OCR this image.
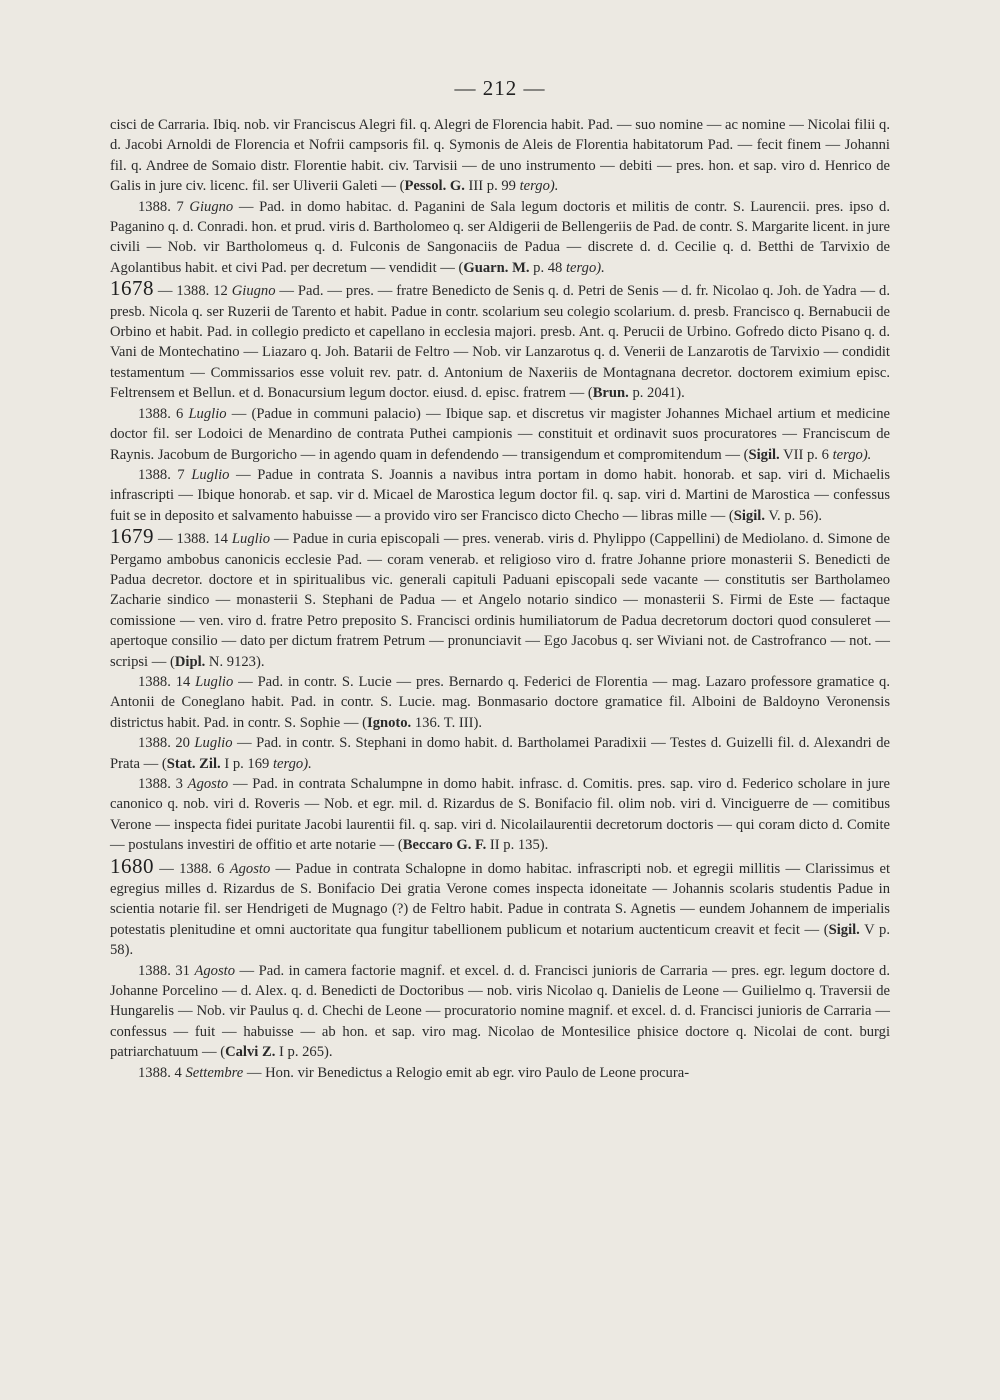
— 212 —

cisci de Carraria. Ibiq. nob. vir Franciscus Alegri fil. q. Alegri de Florencia habit. Pad. — suo nomine — ac nomine — Nicolai filii q. d. Jacobi Arnoldi de Florencia et Nofrii campsoris fil. q. Symonis de Aleis de Florentia habitatorum Pad. — fecit finem — Johanni fil. q. Andree de Somaio distr. Florentie habit. civ. Tarvisii — de uno instrumento — debiti — pres. hon. et sap. viro d. Henrico de Galis in jure civ. licenc. fil. ser Uliverii Galeti — (Pessol. G. III p. 99 tergo).

1388. 7 Giugno — Pad. in domo habitac. d. Paganini de Sala legum doctoris et militis de contr. S. Laurencii. pres. ipso d. Paganino q. d. Conradi. hon. et prud. viris d. Bartholomeo q. ser Aldigerii de Bellengeriis de Pad. de contr. S. Margarite licent. in jure civili — Nob. vir Bartholomeus q. d. Fulconis de Sangonaciis de Padua — discrete d. d. Cecilie q. d. Betthi de Tarvixio de Agolantibus habit. et civi Pad. per decretum — vendidit — (Guarn. M. p. 48 tergo).

1678 — 1388. 12 Giugno — Pad. — pres. — fratre Benedicto de Senis q. d. Petri de Senis — d. fr. Nicolao q. Joh. de Yadra — d. presb. Nicola q. ser Ruzerii de Tarento et habit. Padue in contr. scolarium seu colegio scolarium. d. presb. Francisco q. Bernabucii de Orbino et habit. Pad. in collegio predicto et capellano in ecclesia majori. presb. Ant. q. Perucii de Urbino. Gofredo dicto Pisano q. d. Vani de Montechatino — Liazaro q. Joh. Batarii de Feltro — Nob. vir Lanzarotus q. d. Venerii de Lanzarotis de Tarvixio — condidit testamentum — Commissarios esse voluit rev. patr. d. Antonium de Naxeriis de Montagnana decretor. doctorem eximium episc. Feltrensem et Bellun. et d. Bonacursium legum doctor. eiusd. d. episc. fratrem — (Brun. p. 2041).

1388. 6 Luglio — (Padue in communi palacio) — Ibique sap. et discretus vir magister Johannes Michael artium et medicine doctor fil. ser Lodoici de Menardino de contrata Puthei campionis — constituit et ordinavit suos procuratores — Franciscum de Raynis. Jacobum de Burgoricho — in agendo quam in defendendo — transigendum et compromitendum — (Sigil. VII p. 6 tergo).

1388. 7 Luglio — Padue in contrata S. Joannis a navibus intra portam in domo habit. honorab. et sap. viri d. Michaelis infrascripti — Ibique honorab. et sap. vir d. Micael de Marostica legum doctor fil. q. sap. viri d. Martini de Marostica — confessus fuit se in deposito et salvamento habuisse — a provido viro ser Francisco dicto Checho — libras mille — (Sigil. V. p. 56).

1679 — 1388. 14 Luglio — Padue in curia episcopali — pres. venerab. viris d. Phylippo (Cappellini) de Mediolano. d. Simone de Pergamo ambobus canonicis ecclesie Pad. — coram venerab. et religioso viro d. fratre Johanne priore monasterii S. Benedicti de Padua decretor. doctore et in spiritualibus vic. generali capituli Paduani episcopali sede vacante — constitutis ser Bartholameo Zacharie sindico — monasterii S. Stephani de Padua — et Angelo notario sindico — monasterii S. Firmi de Este — factaque comissione — ven. viro d. fratre Petro preposito S. Francisci ordinis humiliatorum de Padua decretorum doctori quod consuleret — apertoque consilio — dato per dictum fratrem Petrum — pronunciavit — Ego Jacobus q. ser Wiviani not. de Castrofranco — not. — scripsi — (Dipl. N. 9123).

1388. 14 Luglio — Pad. in contr. S. Lucie — pres. Bernardo q. Federici de Florentia — mag. Lazaro professore gramatice q. Antonii de Coneglano habit. Pad. in contr. S. Lucie. mag. Bonmasario doctore gramatice fil. Alboini de Baldoyno Veronensis districtus habit. Pad. in contr. S. Sophie — (Ignoto. 136. T. III).

1388. 20 Luglio — Pad. in contr. S. Stephani in domo habit. d. Bartholamei Paradixii — Testes d. Guizelli fil. d. Alexandri de Prata — (Stat. Zil. I p. 169 tergo).

1388. 3 Agosto — Pad. in contrata Schalumpne in domo habit. infrasc. d. Comitis. pres. sap. viro d. Federico scholare in jure canonico q. nob. viri d. Roveris — Nob. et egr. mil. d. Rizardus de S. Bonifacio fil. olim nob. viri d. Vinciguerre de — comitibus Verone — inspecta fidei puritate Jacobi laurentii fil. q. sap. viri d. Nicolailaurentii decretorum doctoris — qui coram dicto d. Comite — postulans investiri de offitio et arte notarie — (Beccaro G. F. II p. 135).

1680 — 1388. 6 Agosto — Padue in contrata Schalopne in domo habitac. infrascripti nob. et egregii millitis — Clarissimus et egregius milles d. Rizardus de S. Bonifacio Dei gratia Verone comes inspecta idoneitate — Johannis scolaris studentis Padue in scientia notarie fil. ser Hendrigeti de Mugnago (?) de Feltro habit. Padue in contrata S. Agnetis — eundem Johannem de imperialis potestatis plenitudine et omni auctoritate qua fungitur tabellionem publicum et notarium auctenticum creavit et fecit — (Sigil. V p. 58).

1388. 31 Agosto — Pad. in camera factorie magnif. et excel. d. d. Francisci junioris de Carraria — pres. egr. legum doctore d. Johanne Porcelino — d. Alex. q. d. Benedicti de Doctoribus — nob. viris Nicolao q. Danielis de Leone — Guilielmo q. Traversii de Hungarelis — Nob. vir Paulus q. d. Chechi de Leone — procuratorio nomine magnif. et excel. d. d. Francisci junioris de Carraria — confessus — fuit — habuisse — ab hon. et sap. viro mag. Nicolao de Montesilice phisice doctore q. Nicolai de cont. burgi patriarchatuum — (Calvi Z. I p. 265).

1388. 4 Settembre — Hon. vir Benedictus a Relogio emit ab egr. viro Paulo de Leone procura-
